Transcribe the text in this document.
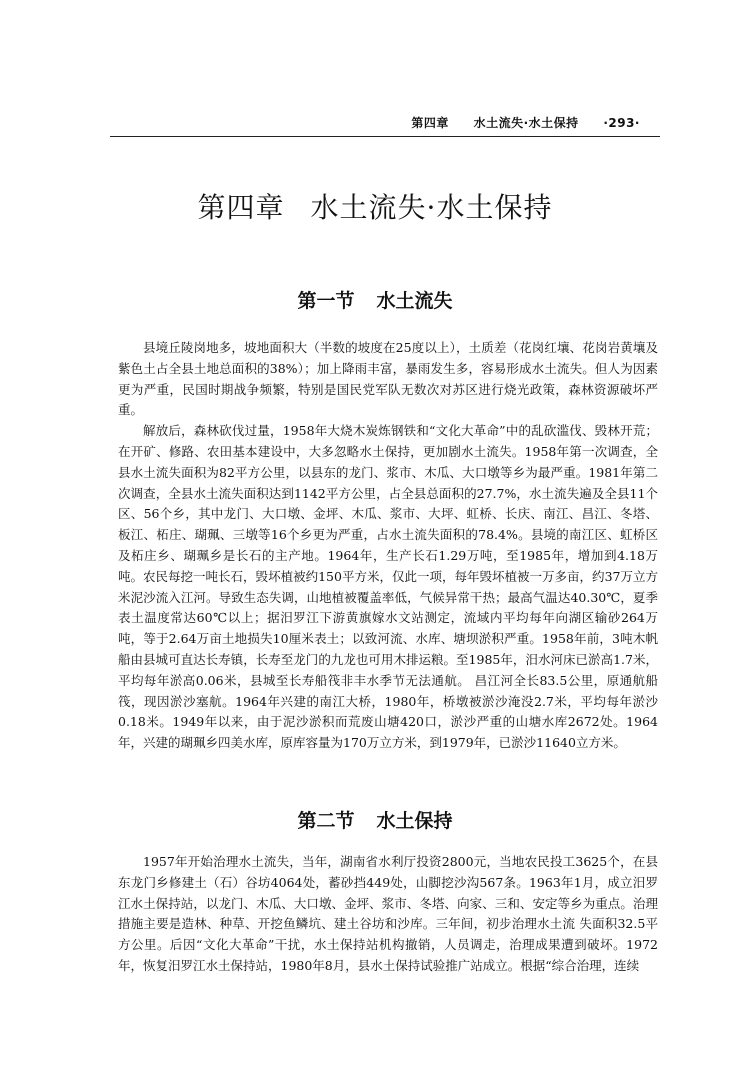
第四章 水土流失·水土保持 ·293·
第四章 水土流失·水土保持
第一节 水土流失

县境丘陵岗地多，坡地面积大（半数的坡度在25度以上），土质差（花岗红壤、花岗岩黄壤及紫色土占全县土地总面积的38%）；加上降雨丰富，暴雨发生多，容易形成水土流失。但人为因素更为严重，民国时期战争频繁，特别是国民党军队无数次对苏区进行烧光政策，森林资源破坏严重。

解放后，森林砍伐过量，1958年大烧木炭炼钢铁和“文化大革命”中的乱砍滥伐、毁林开荒；在开矿、修路、农田基本建设中，大多忽略水土保持，更加剧水土流失。1958年第一次调查，全县水土流失面积为82平方公里，以县东的龙门、浆市、木瓜、大口墩等乡为最严重。1981年第二次调查，全县水土流失面积达到1142平方公里，占全县总面积的27.7%，水土流失遍及全县11个区、56个乡，其中龙门、大口墩、金坪、木瓜、浆市、大坪、虹桥、长庆、南江、昌江、冬塔、板江、柘庄、瑚珮、三墩等16个乡更为严重，占水土流失面积的78.4%。县境的南江区、虹桥区及柘庄乡、瑚珮乡是长石的主产地。1964年，生产长石1.29万吨，至1985年，增加到4.18万吨。农民每挖一吨长石，毁坏植被约150平方米，仅此一项，每年毁坏植被一万多亩，约37万立方米泥沙流入江河。导致生态失调，山地植被覆盖率低，气候异常干热；最高气温达40.30℃，夏季表土温度常达60℃以上；据汨罗江下游黄旗嫁水文站测定，流域内平均每年向湖区输砂264万吨，等于2.64万亩土地损失10厘米表土；以致河流、水库、塘坝淤积严重。1958年前，3吨木帆船由县城可直达长寿镇，长寿至龙门的九龙也可用木排运粮。至1985年，汨水河床已淤高1.7米，平均每年淤高0.06米，县城至长寿船筏非丰水季节无法通航。 昌江河全长83.5公里，原通航船筏，现因淤沙塞航。1964年兴建的南江大桥，1980年，桥墩被淤沙淹没2.7米，平均每年淤沙0.18米。1949年以来，由于泥沙淤积而荒废山塘420口，淤沙严重的山塘水库2672处。1964年，兴建的瑚珮乡四美水库，原库容量为170万立方米，到1979年，已淤沙11640立方米。

第二节 水土保持

1957年开始治理水土流失，当年，湖南省水利厅投资2800元，当地农民投工3625个，在县东龙门乡修建土（石）谷坊4064处，蓄砂挡449处，山脚挖沙沟567条。1963年1月，成立汨罗江水土保持站，以龙门、木瓜、大口墩、金坪、浆市、冬塔、向家、三和、安定等乡为重点。治理措施主要是造林、种草、开挖鱼鳞坑、建土谷坊和沙库。三年间，初步治理水土流 失面积32.5平方公里。后因“文化大革命”干扰，水土保持站机构撤销，人员调走，治理成果遭到破坏。1972年，恢复汨罗江水土保持站，1980年8月，县水土保持试验推广站成立。根据“综合治理，连续
